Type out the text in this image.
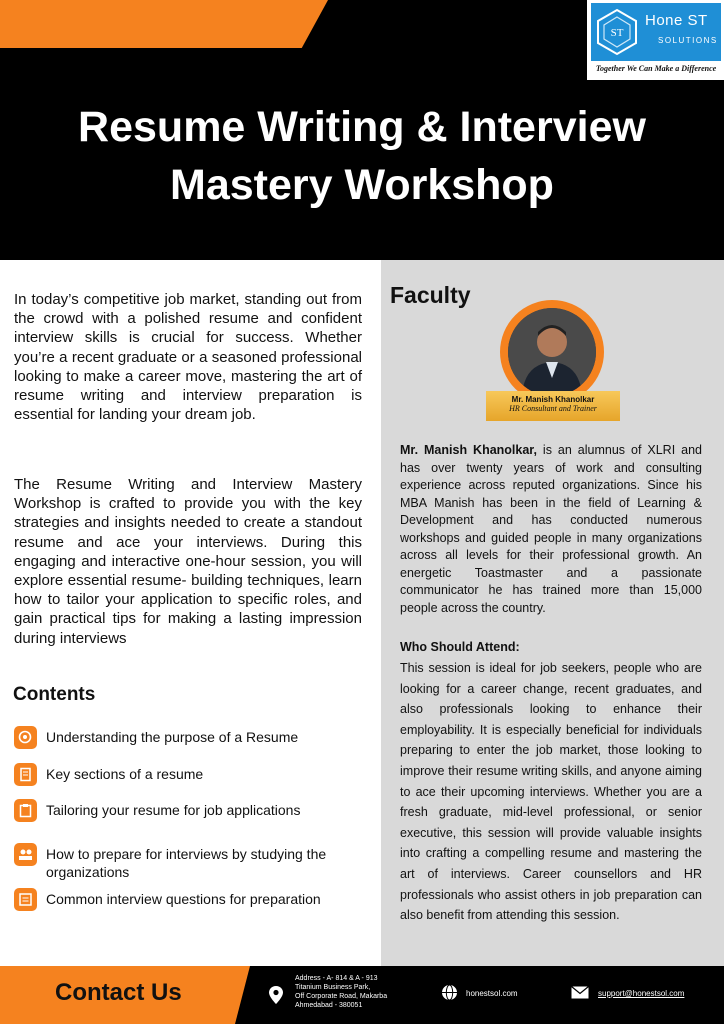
ST
Hone ST
SOLUTIONS
Together We Can Make a Difference
Resume Writing & Interview
Mastery Workshop
In today’s competitive job market, standing out from the crowd with a polished resume and confident interview skills is crucial for success. Whether you’re a recent graduate or a seasoned professional looking to make a career move, mastering the art of resume writing and interview preparation is essential for landing your dream job.
The Resume Writing and Interview Mastery Workshop is crafted to provide you with the key strategies and insights needed to create a standout resume and ace your interviews. During this engaging and interactive one-hour session, you will explore essential resume- building techniques, learn how to tailor your application to specific roles, and gain practical tips for making a lasting impression during interviews
Contents
Understanding the purpose of a Resume
Key sections of a resume
Tailoring your resume for job applications
How to prepare for interviews by studying the organizations
Common interview questions for preparation
Faculty
Mr. Manish Khanolkar
HR Consultant and Trainer
Mr. Manish Khanolkar, is an alumnus of XLRI and has over twenty years of work and consulting experience across reputed organizations. Since his MBA Manish has been in the field of Learning & Development and has conducted numerous workshops and guided people in many organizations across all levels for their professional growth. An energetic Toastmaster and a passionate communicator he has trained more than 15,000 people across the country.
Who Should Attend:
This session is ideal for job seekers, people who are looking for a career change, recent graduates, and also professionals looking to enhance their employability. It is especially beneficial for individuals preparing to enter the job market, those looking to improve their resume writing skills, and anyone aiming to ace their upcoming interviews. Whether you are a fresh graduate, mid-level professional, or senior executive, this session will provide valuable insights into crafting a compelling resume and mastering the art of interviews. Career counsellors and HR professionals who assist others in job preparation can also benefit from attending this session.
Contact Us
Address - A- 814 & A - 913
Titanium Business Park,
Off Corporate Road, Makarba
Ahmedabad - 380051
honestsol.com	support@honestsol.com
